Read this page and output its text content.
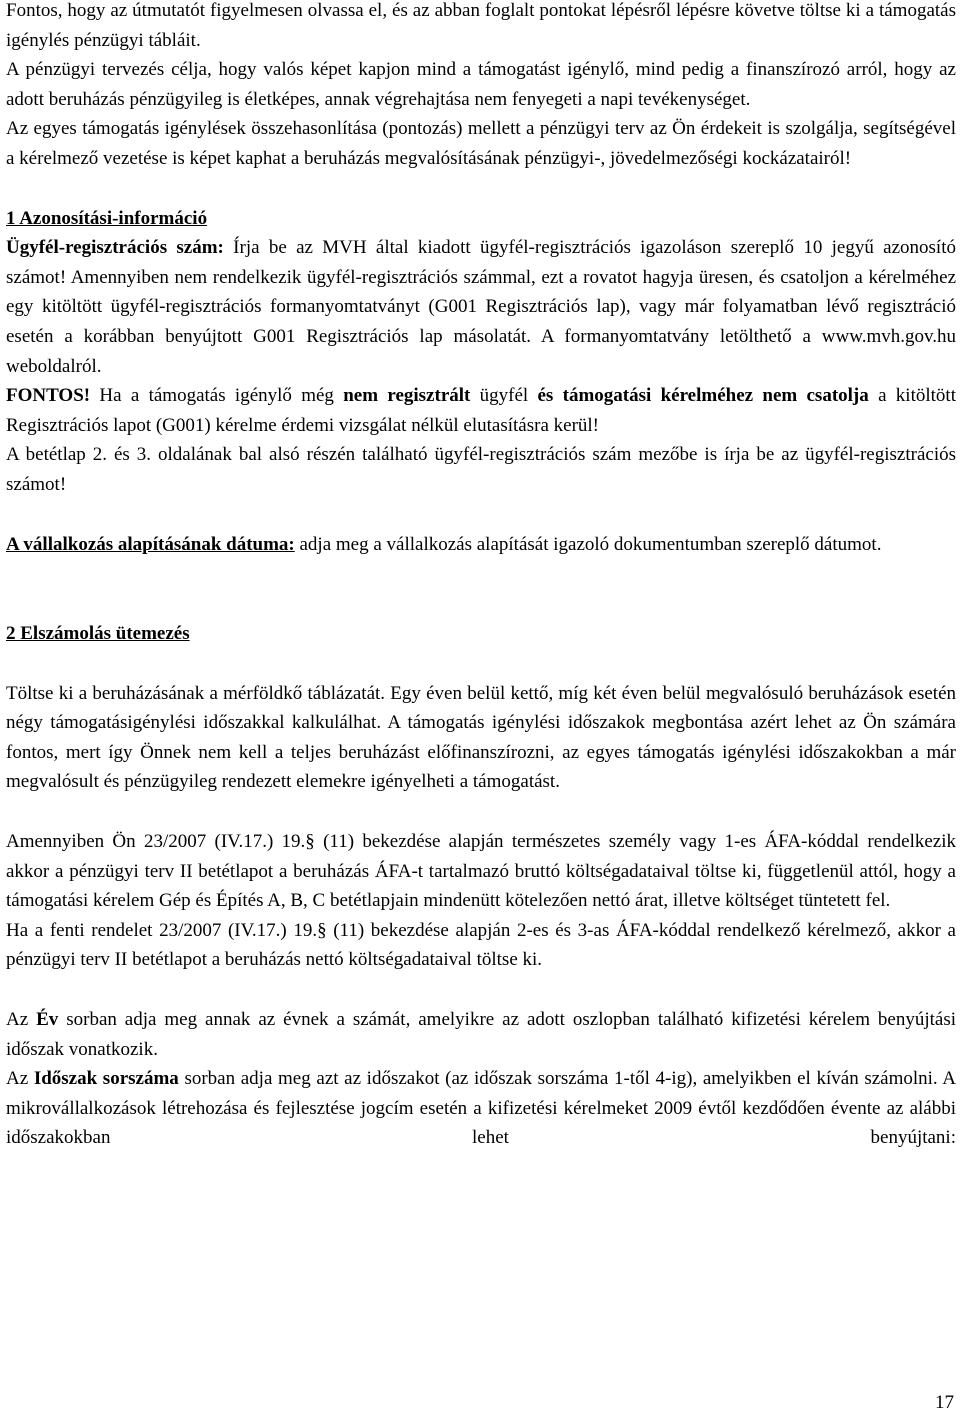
Fontos, hogy az útmutatót figyelmesen olvassa el, és az abban foglalt pontokat lépésről lépésre követve töltse ki a támogatás igénylés pénzügyi tábláit.

A pénzügyi tervezés célja, hogy valós képet kapjon mind a támogatást igénylő, mind pedig a finanszírozó arról, hogy az adott beruházás pénzügyileg is életképes, annak végrehajtása nem fenyegeti a napi tevékenységet.

Az egyes támogatás igénylések összehasonlítása (pontozás) mellett a pénzügyi terv az Ön érdekeit is szolgálja, segítségével a kérelmező vezetése is képet kaphat a beruházás megvalósításának pénzügyi-, jövedelmezőségi kockázatairól!

1 Azonosítási-információ

Ügyfél-regisztrációs szám: Írja be az MVH által kiadott ügyfél-regisztrációs igazoláson szereplő 10 jegyű azonosító számot! Amennyiben nem rendelkezik ügyfél-regisztrációs számmal, ezt a rovatot hagyja üresen, és csatoljon a kérelméhez egy kitöltött ügyfél-regisztrációs formanyomtatványt (G001 Regisztrációs lap), vagy már folyamatban lévő regisztráció esetén a korábban benyújtott G001 Regisztrációs lap másolatát. A formanyomtatvány letölthető a www.mvh.gov.hu weboldalról.

FONTOS! Ha a támogatás igénylő még nem regisztrált ügyfél és támogatási kérelméhez nem csatolja a kitöltött Regisztrációs lapot (G001) kérelme érdemi vizsgálat nélkül elutasításra kerül!

A betétlap 2. és 3. oldalának bal alsó részén található ügyfél-regisztrációs szám mezőbe is írja be az ügyfél-regisztrációs számot!

A vállalkozás alapításának dátuma: adja meg a vállalkozás alapítását igazoló dokumentumban szereplő dátumot.

2 Elszámolás ütemezés

Töltse ki a beruházásának a mérföldkő táblázatát. Egy éven belül kettő, míg két éven belül megvalósuló beruházások esetén négy támogatásigénylési időszakkal kalkulálhat. A támogatás igénylési időszakok megbontása azért lehet az Ön számára fontos, mert így Önnek nem kell a teljes beruházást előfinanszírozni, az egyes támogatás igénylési időszakokban a már megvalósult és pénzügyileg rendezett elemekre igényelheti a támogatást.

Amennyiben Ön 23/2007 (IV.17.) 19.§ (11) bekezdése alapján természetes személy vagy 1-es ÁFA-kóddal rendelkezik akkor a pénzügyi terv II betétlapot a beruházás ÁFA-t tartalmazó bruttó költségadataival töltse ki, függetlenül attól, hogy a támogatási kérelem Gép és Építés A, B, C betétlapjain mindenütt kötelezően nettó árat, illetve költséget tüntetett fel.

Ha a fenti rendelet 23/2007 (IV.17.) 19.§ (11) bekezdése alapján 2-es és 3-as ÁFA-kóddal rendelkező kérelmező, akkor a pénzügyi terv II betétlapot a beruházás nettó költségadataival töltse ki.

Az Év sorban adja meg annak az évnek a számát, amelyikre az adott oszlopban található kifizetési kérelem benyújtási időszak vonatkozik.

Az Időszak sorszáma sorban adja meg azt az időszakot (az időszak sorszáma 1-től 4-ig), amelyikben el kíván számolni. A mikrovállalkozások létrehozása és fejlesztése jogcím esetén a kifizetési kérelmeket 2009 évtől kezdődően évente az alábbi időszakokban lehet benyújtani:

17
